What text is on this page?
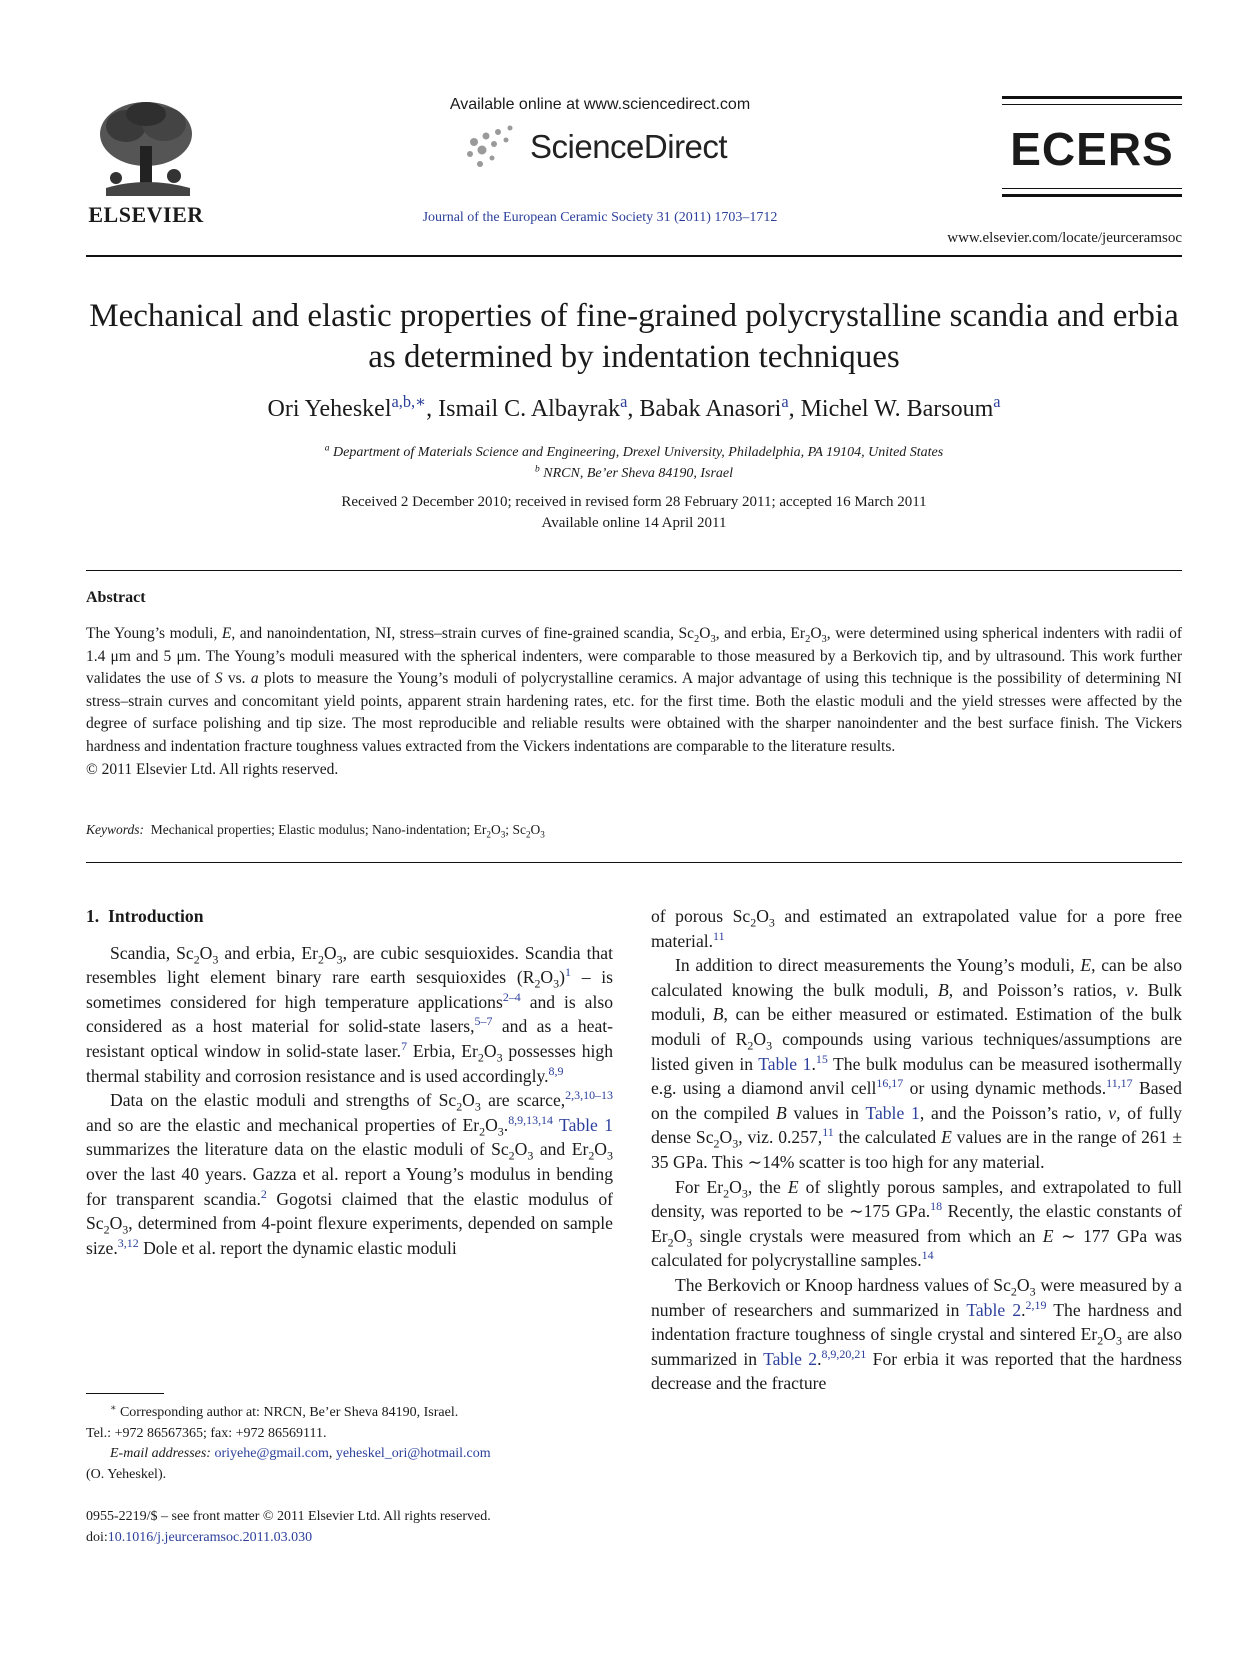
ELSEVIER
Available online at www.sciencedirect.com
ScienceDirect
Journal of the European Ceramic Society 31 (2011) 1703–1712
ECERS
www.elsevier.com/locate/jeurceramsoc
Mechanical and elastic properties of fine-grained polycrystalline scandia and erbia as determined by indentation techniques
Ori Yeheskel$^{a,b,∗}$, Ismail C. Albayrak$^a$, Babak Anasori$^a$, Michel W. Barsoum$^a$
$^a$ Department of Materials Science and Engineering, Drexel University, Philadelphia, PA 19104, United States
$^b$ NRCN, Be’er Sheva 84190, Israel
Received 2 December 2010; received in revised form 28 February 2011; accepted 16 March 2011
Available online 14 April 2011
Abstract
The Young’s moduli, E, and nanoindentation, NI, stress–strain curves of fine-grained scandia, $Sc_2O_3$, and erbia, $Er_2O_3$, were determined using spherical indenters with radii of 1.4 μm and 5 μm. The Young’s moduli measured with the spherical indenters, were comparable to those measured by a Berkovich tip, and by ultrasound. This work further validates the use of S vs. a plots to measure the Young’s moduli of polycrystalline ceramics. A major advantage of using this technique is the possibility of determining NI stress–strain curves and concomitant yield points, apparent strain hardening rates, etc. for the first time. Both the elastic moduli and the yield stresses were affected by the degree of surface polishing and tip size. The most reproducible and reliable results were obtained with the sharper nanoindenter and the best surface finish. The Vickers hardness and indentation fracture toughness values extracted from the Vickers indentations are comparable to the literature results.
© 2011 Elsevier Ltd. All rights reserved.
Keywords: Mechanical properties; Elastic modulus; Nano-indentation; $Er_2O_3$; $Sc_2O_3$
1. Introduction

Scandia, $Sc_2O_3$ and erbia, $Er_2O_3$, are cubic sesquioxides. Scandia that resembles light element binary rare earth sesquioxides $(R_2O_3)^1$ – is sometimes considered for high temperature applications$^{2-4}$ and is also considered as a host material for solid-state lasers,$^{5-7}$ and as a heat-resistant optical window in solid-state laser.$^7$ Erbia, $Er_2O_3$ possesses high thermal stability and corrosion resistance and is used accordingly.$^{8,9}$

Data on the elastic moduli and strengths of $Sc_2O_3$ are scarce,$^{2,3,10-13}$ and so are the elastic and mechanical properties of $Er_2O_3.^{8,9,13,14}$ Table 1 summarizes the literature data on the elastic moduli of $Sc_2O_3$ and $Er_2O_3$ over the last 40 years. Gazza et al. report a Young’s modulus in bending for transparent scandia.$^2$ Gogotsi claimed that the elastic modulus of $Sc_2O_3$, determined from 4-point flexure experiments, depended on sample size.$^{3,12}$ Dole et al. report the dynamic elastic moduli

∗ Corresponding author at: NRCN, Be’er Sheva 84190, Israel.
Tel.: +972 86567365; fax: +972 86569111.
E-mail addresses: oriyehe@gmail.com, yeheskel_ori@hotmail.com
(O. Yeheskel).
0955-2219/$ – see front matter © 2011 Elsevier Ltd. All rights reserved.
doi:10.1016/j.jeurceramsoc.2011.03.030

of porous $Sc_2O_3$ and estimated an extrapolated value for a pore free material.$^{11}$

In addition to direct measurements the Young’s moduli, E, can be also calculated knowing the bulk moduli, B, and Poisson’s ratios, ν. Bulk moduli, B, can be either measured or estimated. Estimation of the bulk moduli of $R_2O_3$ compounds using various techniques/assumptions are listed given in Table 1.15 The bulk modulus can be measured isothermally e.g. using a diamond anvil cell$^{16,17}$ or using dynamic methods.$^{11,17}$ Based on the compiled B values in Table 1, and the Poisson’s ratio, ν, of fully dense $Sc_2O_3$, viz. 0.257,11 the calculated E values are in the range of 261 ± 35 GPa. This ∼14% scatter is too high for any material.

For $Er_2O_3$, the E of slightly porous samples, and extrapolated to full density, was reported to be ∼175 GPa.$^{18}$ Recently, the elastic constants of $Er_2O_3$ single crystals were measured from which an E ∼ 177 GPa was calculated for polycrystalline samples.$^{14}$

The Berkovich or Knoop hardness values of $Sc_2O_3$ were measured by a number of researchers and summarized in Table 2.$^{2,19}$ The hardness and indentation fracture toughness of single crystal and sintered $Er_2O_3$ are also summarized in Table 2.$^{8,9,20,21}$ For erbia it was reported that the hardness decrease and the fracture
